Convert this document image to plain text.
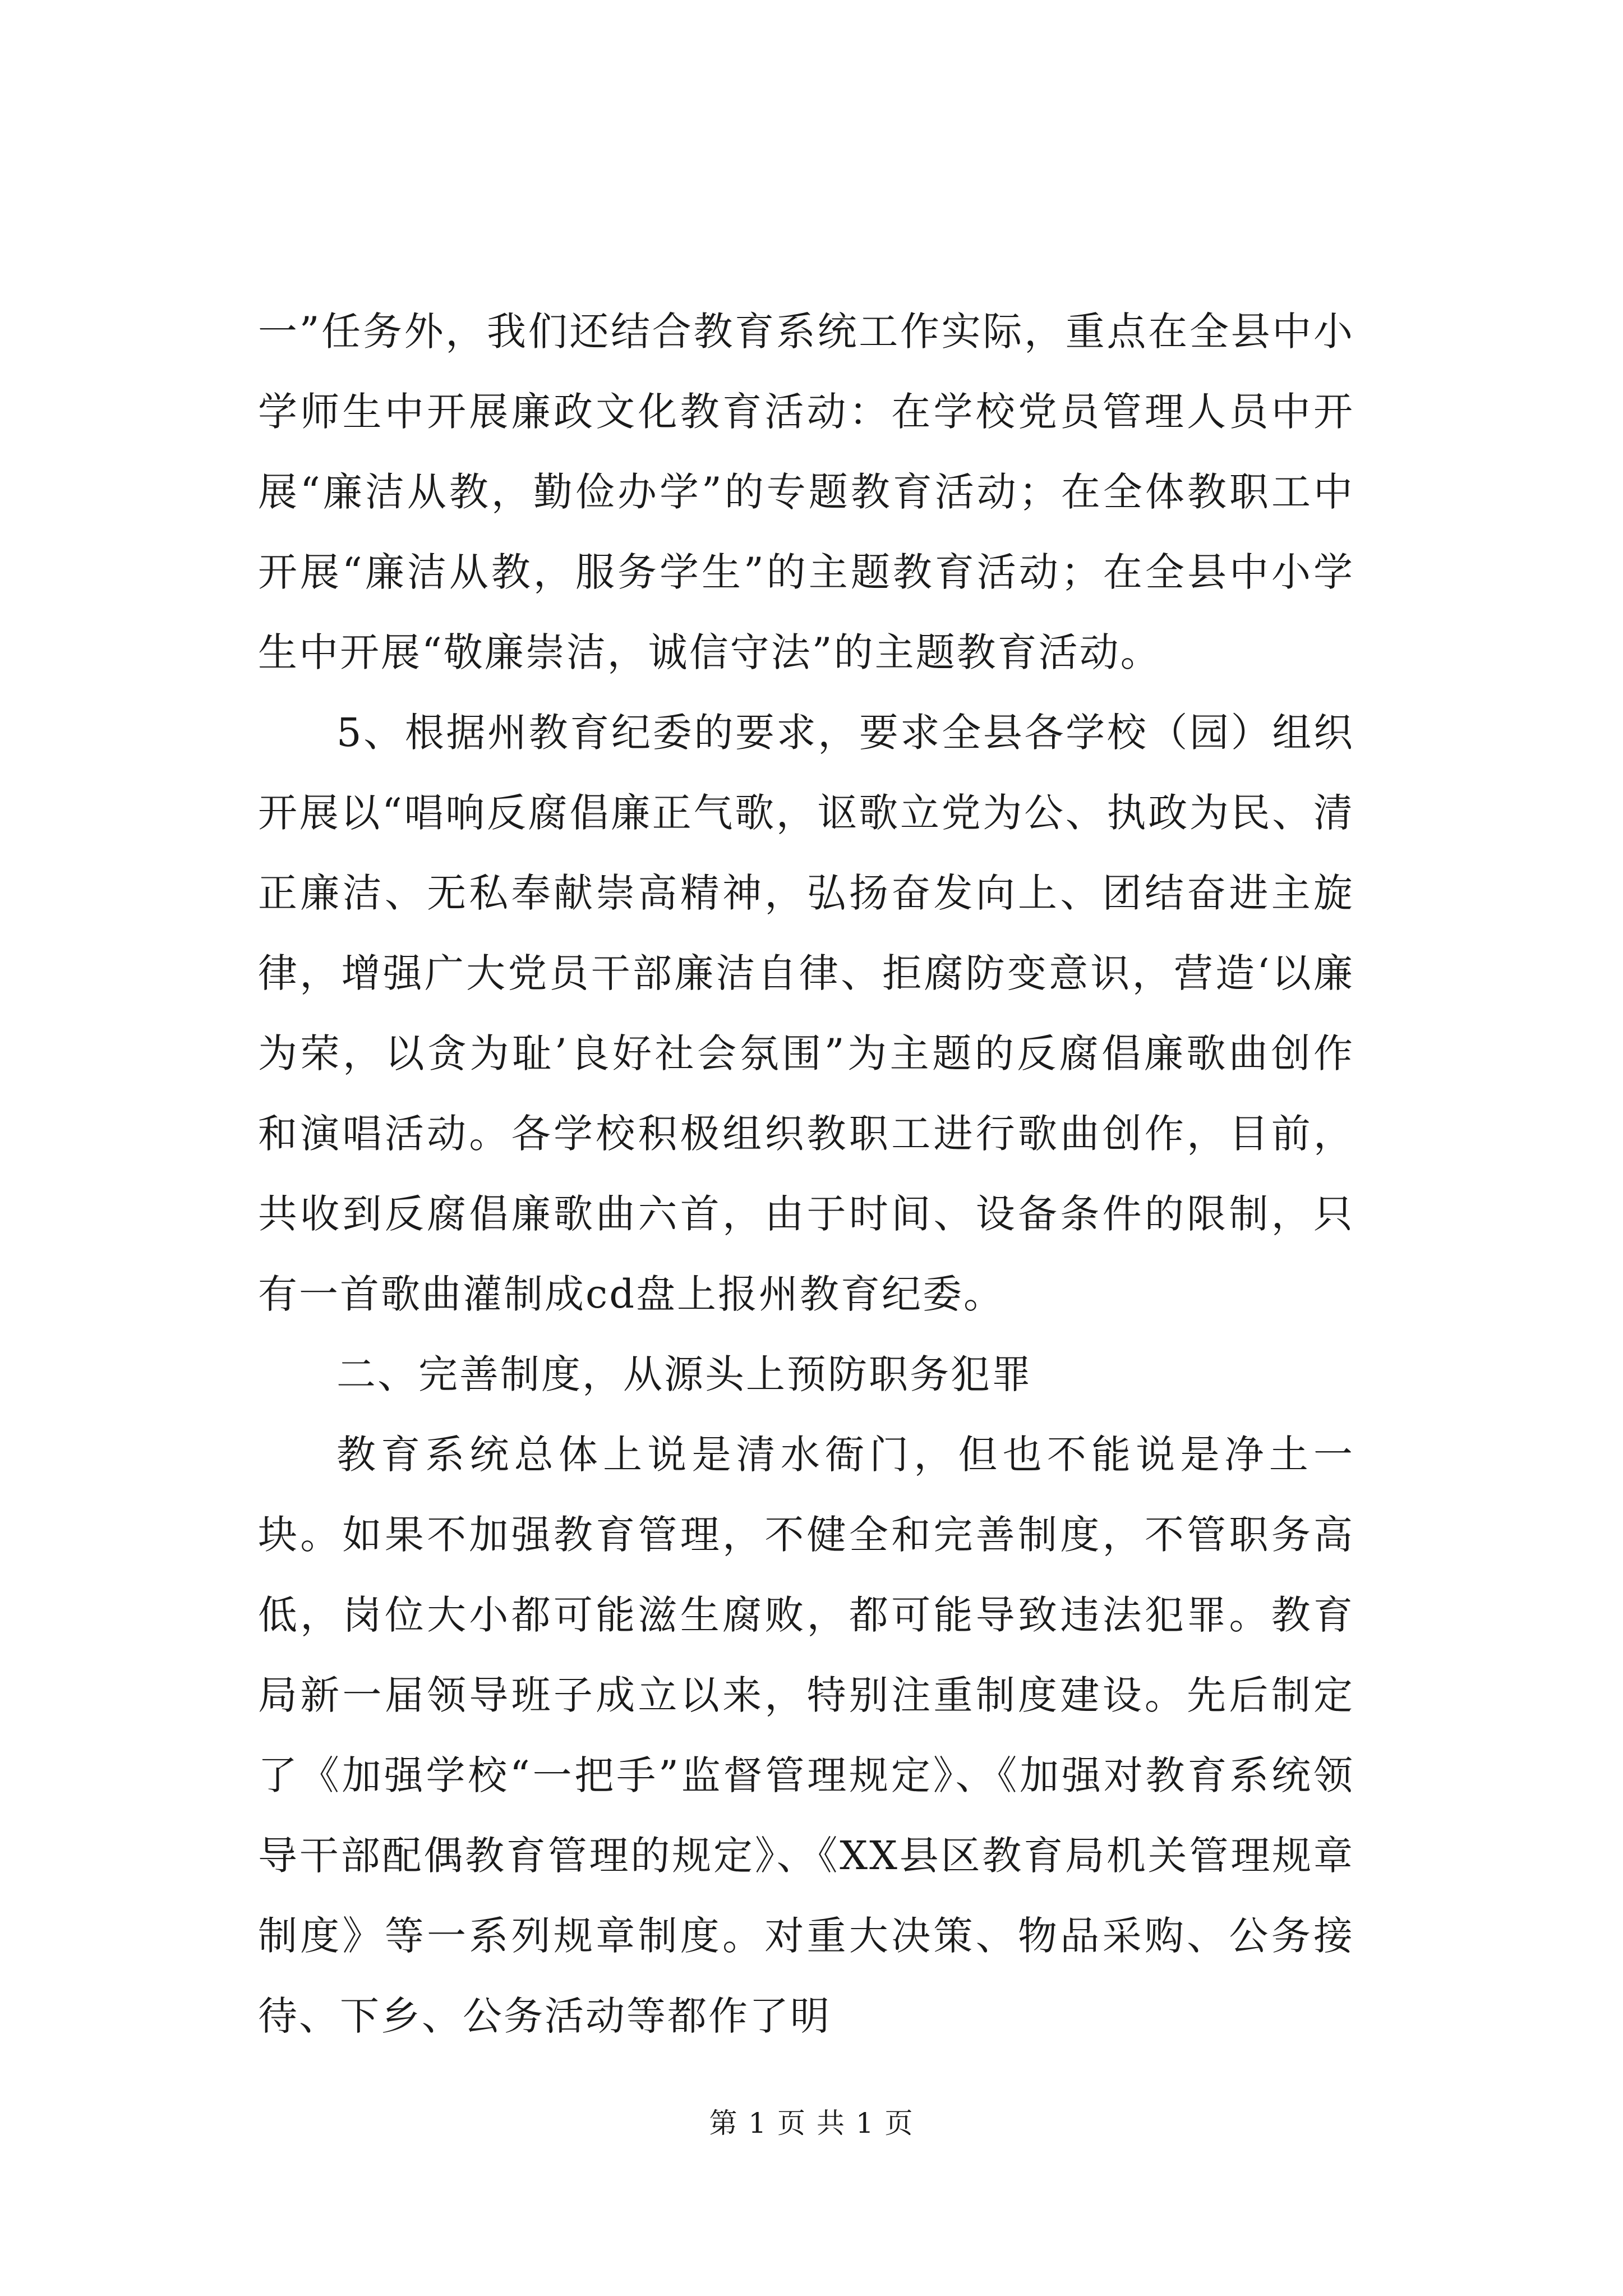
一”任务外，我们还结合教育系统工作实际，重点在全县中小学师生中开展廉政文化教育活动：在学校党员管理人员中开展“廉洁从教，勤俭办学”的专题教育活动；在全体教职工中开展“廉洁从教，服务学生”的主题教育活动；在全县中小学生中开展“敬廉崇洁，诚信守法”的主题教育活动。

5、根据州教育纪委的要求，要求全县各学校（园）组织开展以“唱响反腐倡廉正气歌，讴歌立党为公、执政为民、清正廉洁、无私奉献崇高精神，弘扬奋发向上、团结奋进主旋律，增强广大党员干部廉洁自律、拒腐防变意识，营造‘以廉为荣，以贪为耻’良好社会氛围”为主题的反腐倡廉歌曲创作和演唱活动。各学校积极组织教职工进行歌曲创作，目前，共收到反腐倡廉歌曲六首，由于时间、设备条件的限制，只有一首歌曲灌制成cd盘上报州教育纪委。

二、完善制度，从源头上预防职务犯罪

教育系统总体上说是清水衙门，但也不能说是净土一块。如果不加强教育管理，不健全和完善制度，不管职务高低，岗位大小都可能滋生腐败，都可能导致违法犯罪。教育局新一届领导班子成立以来，特别注重制度建设。先后制定了《加强学校“一把手”监督管理规定》、《加强对教育系统领导干部配偶教育管理的规定》、《XX县区教育局机关管理规章制度》等一系列规章制度。对重大决策、物品采购、公务接待、下乡、公务活动等都作了明

第 1 页 共 1 页
